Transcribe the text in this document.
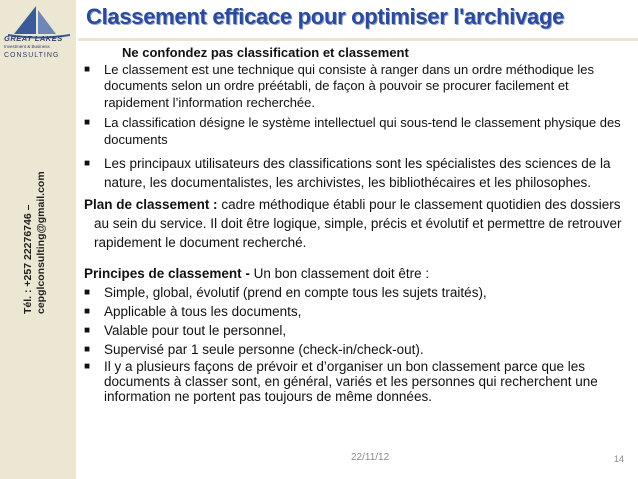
GREAT LAKES
Investment & Business
CONSULTING
Tél. : +257 22276746 – cepglconsulting@gmail.com
Classement efficace pour optimiser l'archivage

Ne confondez pas classification et classement

■ Le classement est une technique qui consiste à ranger dans un ordre méthodique les documents selon un ordre préétabli, de façon à pouvoir se procurer facilement et rapidement l’information recherchée.

■ La classification désigne le système intellectuel qui sous-tend le classement physique des documents

■ Les principaux utilisateurs des classifications sont les spécialistes des sciences de la nature, les documentalistes, les archivistes, les bibliothécaires et les philosophes.

Plan de classement : cadre méthodique établi pour le classement quotidien des dossiers au sein du service. Il doit être logique, simple, précis et évolutif et permettre de retrouver rapidement le document recherché.

Principes de classement - Un bon classement doit être :

■ Simple, global, évolutif (prend en compte tous les sujets traités),

■ Applicable à tous les documents,

■ Valable pour tout le personnel,

■ Supervisé par 1 seule personne (check-in/check-out).

■ Il y a plusieurs façons de prévoir et d’organiser un bon classement parce que les documents à classer sont, en général, variés et les personnes qui recherchent une information ne portent pas toujours de même données.

22/11/12	14
